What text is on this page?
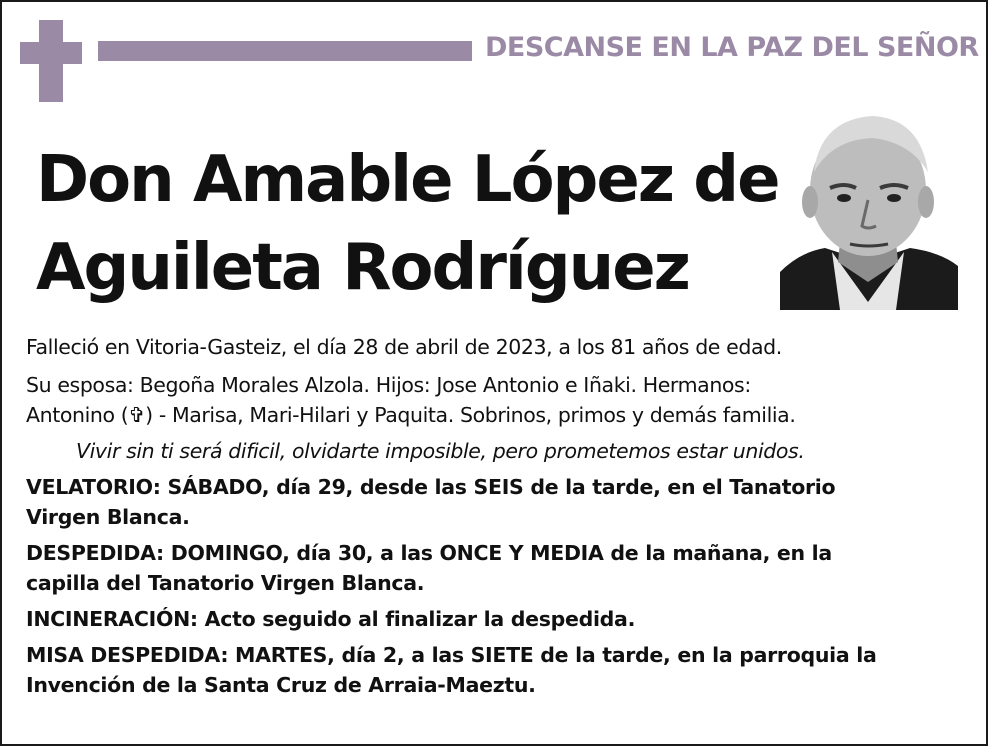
DESCANSE EN LA PAZ DEL SEÑOR
Don Amable López de
Aguileta Rodríguez

Falleció en Vitoria-Gasteiz, el día 28 de abril de 2023, a los 81 años de edad.

Su esposa: Begoña Morales Alzola. Hijos: Jose Antonio e Iñaki. Hermanos:
Antonino (✞) - Marisa, Mari-Hilari y Paquita. Sobrinos, primos y demás familia.

Vivir sin ti será dificil, olvidarte imposible, pero prometemos estar unidos.

VELATORIO: SÁBADO, día 29, desde las SEIS de la tarde, en el Tanatorio
Virgen Blanca.

DESPEDIDA: DOMINGO, día 30, a las ONCE Y MEDIA de la mañana, en la
capilla del Tanatorio Virgen Blanca.

INCINERACIÓN: Acto seguido al finalizar la despedida.

MISA DESPEDIDA: MARTES, día 2, a las SIETE de la tarde, en la parroquia la
Invención de la Santa Cruz de Arraia-Maeztu.
